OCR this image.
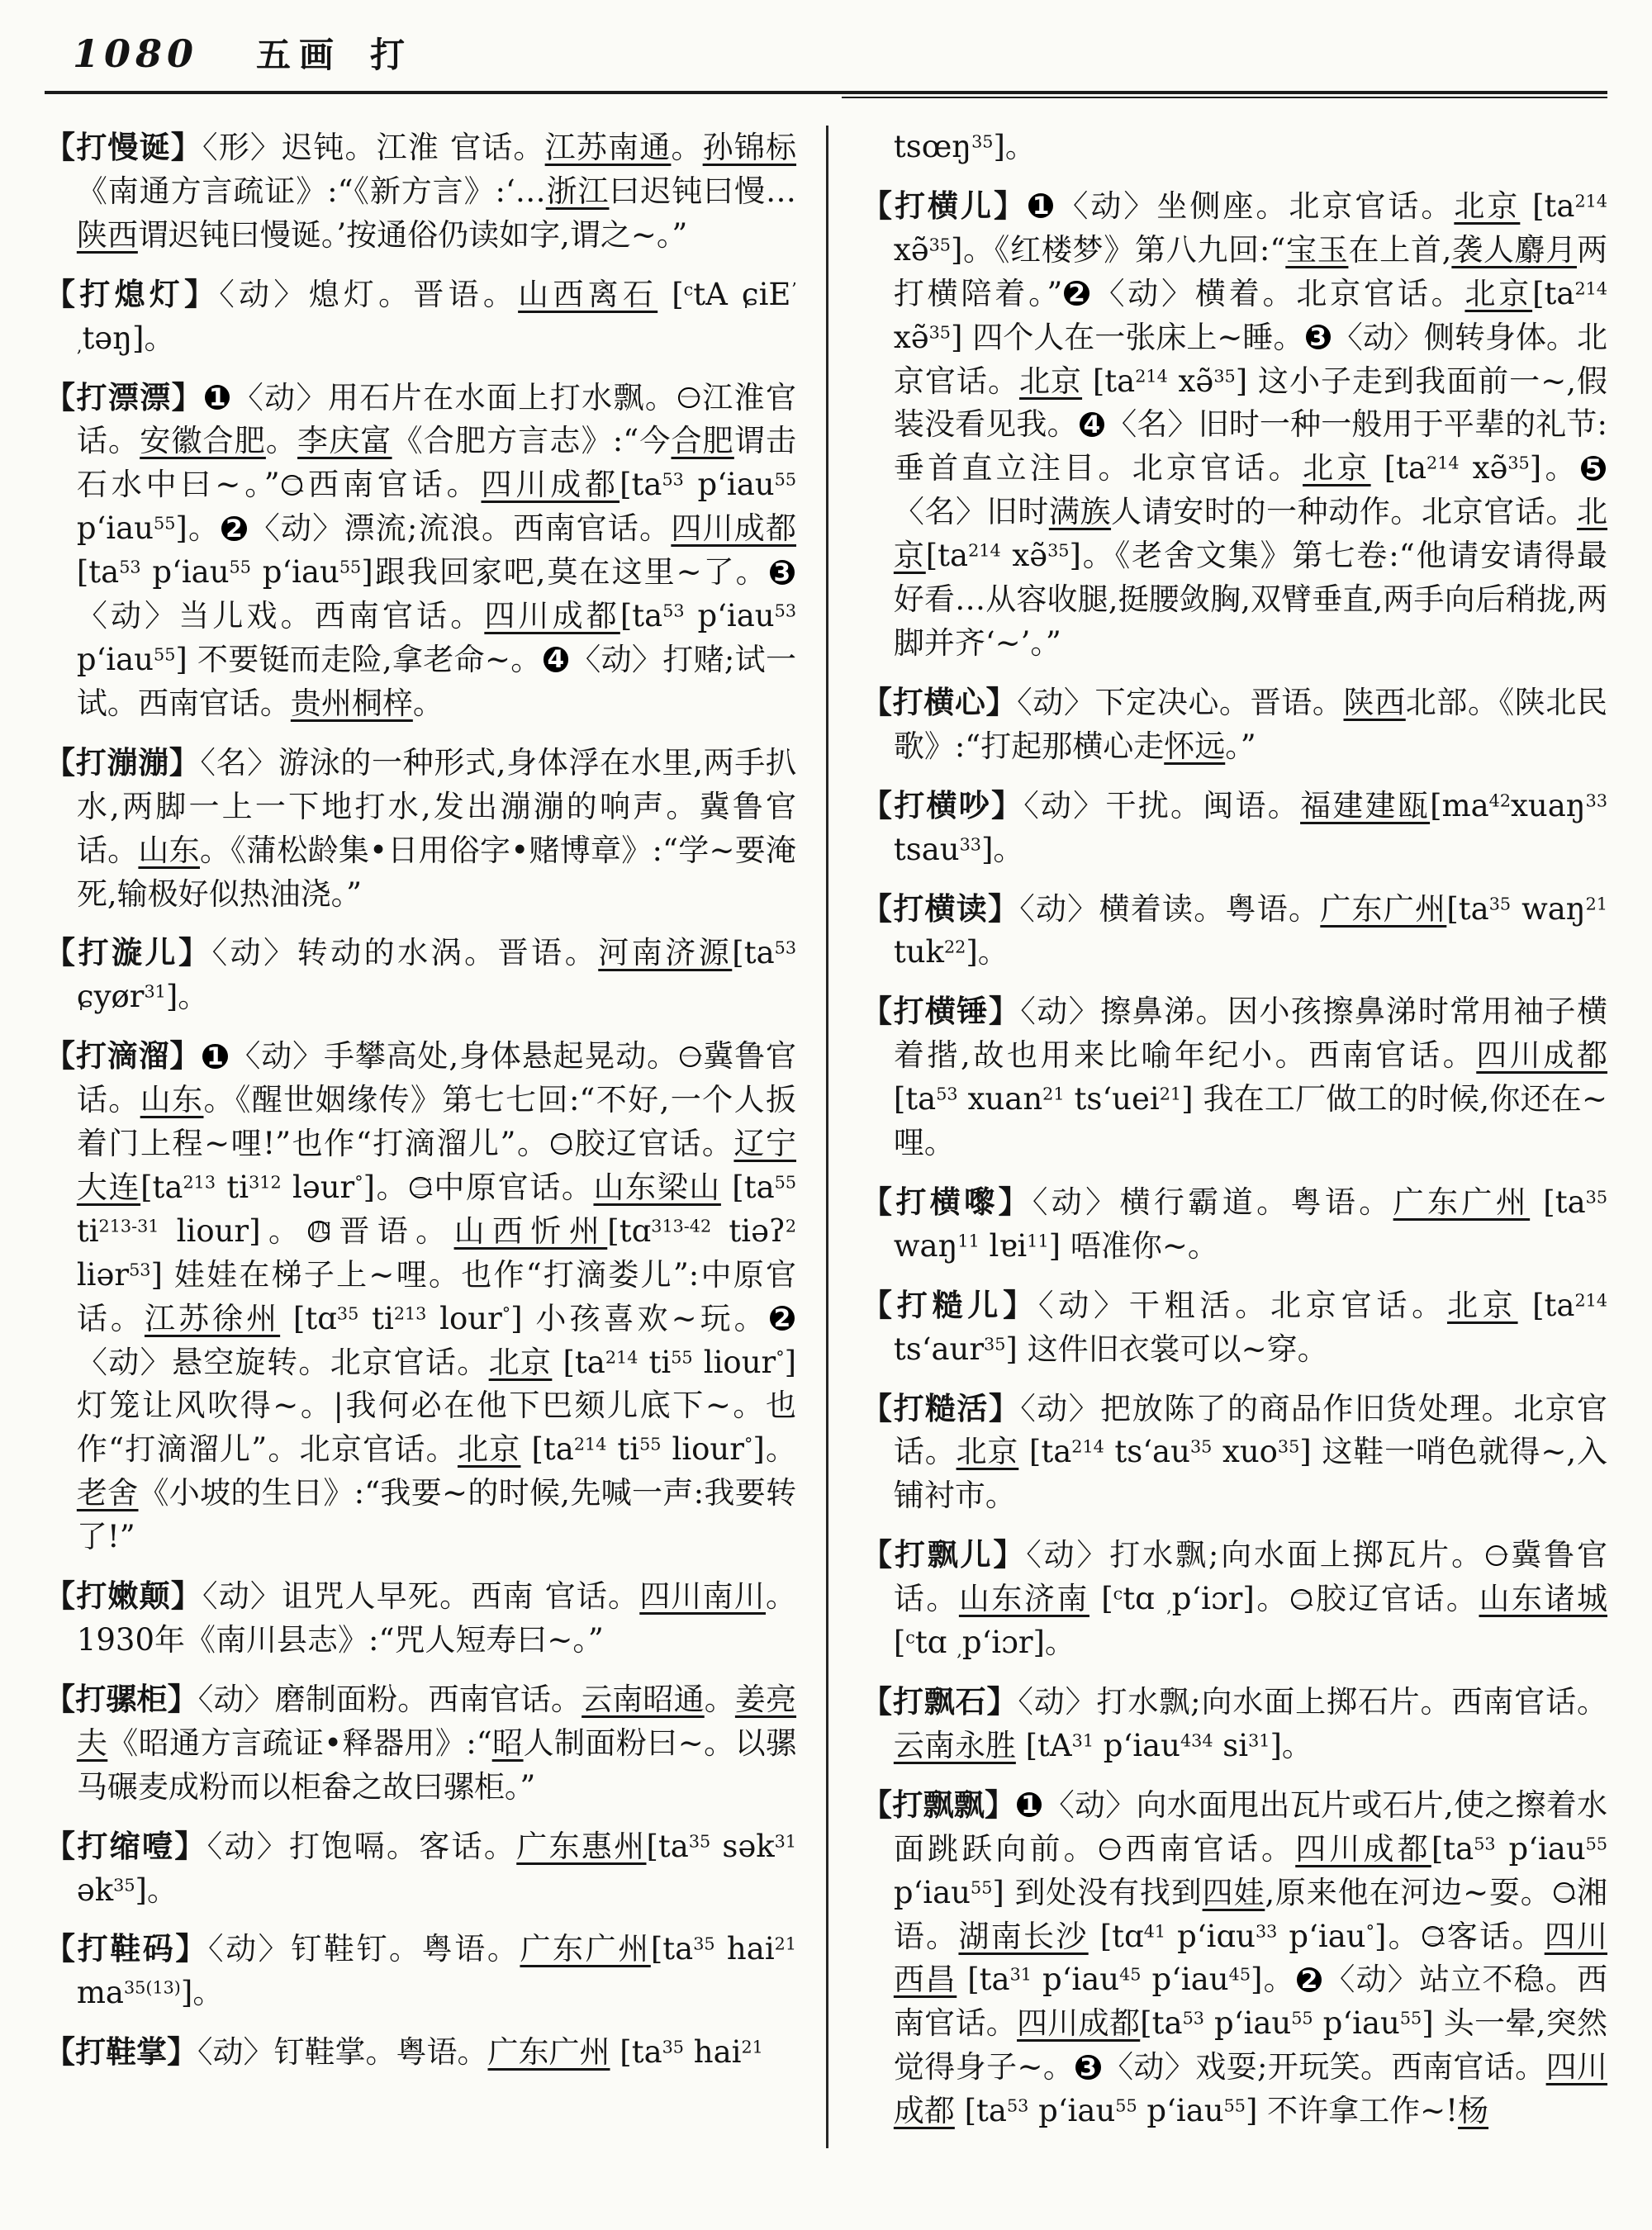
1080 五画 打

【打慢诞】〈形〉迟钝。江淮 官话。江苏南通。孙锦标《南通方言疏证》:“《新方言》:‘…浙江曰迟钝曰慢…陕西谓迟钝曰慢诞。’按通俗仍读如字,谓之~。”

【打熄灯】〈动〉熄灯。晋语。山西离石 [$^c$tA ɕiE$^ʼ$ $_,$təŋ]。

【打漂漂】 1 〈动〉用石片在水面上打水飘。 一江淮官话。安徽合肥。李庆富《合肥方言志》:“今合肥谓击石水中曰~。” 二西南官话。四川成都[$ta^{53}$ pʻiau$^{55}$ pʻiau$^{55}$]。 2 〈动〉漂流;流浪。西南官话。四川成都 [$ta^{53}$ pʻiau$^{55}$ pʻiau$^{55}$]跟我回家吧,莫在这里~了。 3〈动〉当儿戏。西南官话。四川成都[$ta^{53}$ pʻiau$^{53}$ pʻiau$^{55}$] 不要铤而走险,拿老命~。 4 〈动〉打赌;试一试。西南官话。贵州桐梓。

【打漰漰】〈名〉游泳的一种形式,身体浮在水里,两手扒水,两脚一上一下地打水,发出漰漰的响声。冀鲁官话。山东。《蒲松龄集•日用俗字•赌博章》:“学~要淹死,输极好似热油浇。”

【打漩儿】〈动〉转动的水涡。晋语。河南济源[$ta^{53}$ ɕyør$^{31}$]。

【打滴溜】 1 〈动〉手攀高处,身体悬起晃动。 一冀鲁官话。山东。《醒世姻缘传》第七七回:“不好,一个人扳着门上程~哩!”也作“打滴溜儿”。 二胶辽官话。辽宁大连[$ta^{213}$ $ti^{312}$ ləur°]。 三中原官话。山东梁山 [$ta^{55}$ $ti^{213-31}$ liour]。 四晋语。山西忻州[tɑ$^{313-42}$ tiəʔ$^2$ liər$^{53}$] 娃娃在梯子上~哩。也作“打滴娄儿”:中原官话。江苏徐州 [tɑ$^{35}$ $ti^{213}$ lour°] 小孩喜欢~玩。 2〈动〉悬空旋转。北京官话。北京 [$ta^{214}$ $ti^{55}$ liour°] 灯笼让风吹得~。|我何必在他下巴颏儿底下~。也作“打滴溜儿”。北京官话。北京 [$ta^{214}$ $ti^{55}$ liour°]。老舍《小坡的生日》:“我要~的时候,先喊一声:我要转了!”

【打嫩颠】〈动〉诅咒人早死。西南 官话。四川南川。1930年《南川县志》:“咒人短寿曰~。”

【打骡柜】〈动〉磨制面粉。西南官话。云南昭通。姜亮夫《昭通方言疏证•释器用》:“昭人制面粉曰~。以骡马碾麦成粉而以柜畚之故曰骡柜。”

【打缩噎】〈动〉打饱嗝。客话。广东惠州[$ta^{35}$ sək$^{31}$ ək$^{35}$]。

【打鞋码】〈动〉钉鞋钉。粤语。广东广州[$ta^{35}$ hai$^{21}$ $ma^{35(13)}$]。

【打鞋掌】〈动〉钉鞋掌。粤语。广东广州 [$ta^{35}$ hai$^{21}$

tsœŋ$^{35}$]。

【打横儿】 1 〈动〉坐侧座。北京官话。北京 [$ta^{214}$ xə̃$^{35}$]。《红楼梦》第八九回:“宝玉在上首,袭人麝月两打横陪着。” 2 〈动〉横着。北京官话。北京[$ta^{214}$ xə̃$^{35}$] 四个人在一张床上~睡。 3 〈动〉侧转身体。北京官话。北京 [$ta^{214}$ xə̃$^{35}$] 这小子走到我面前一~,假装没看见我。 4 〈名〉旧时一种一般用于平辈的礼节:垂首直立注目。北京官话。北京 [$ta^{214}$ xə̃$^{35}$]。 5〈名〉旧时满族人请安时的一种动作。北京官话。北京[$ta^{214}$ xə̃$^{35}$]。《老舍文集》第七卷:“他请安请得最好看…从容收腿,挺腰敛胸,双臂垂直,两手向后稍拢,两脚并齐‘~’。”

【打横心】〈动〉下定决心。晋语。陕西北部。《陕北民歌》:“打起那横心走怀远。”

【打横吵】〈动〉干扰。闽语。福建建瓯[$ma^{42}xuaŋ^{33}$ tsau$^{33}$]。

【打横读】〈动〉横着读。粤语。广东广州[$ta^{35}$ waŋ$^{21}$ tuk$^{22}$]。

【打横锤】〈动〉擦鼻涕。因小孩擦鼻涕时常用袖子横着揩,故也用来比喻年纪小。西南官话。四川成都 [$ta^{53}$ xuan$^{21}$ tsʻuei$^{21}$] 我在工厂做工的时候,你还在~哩。

【打横嚟】〈动〉横行霸道。粤语。广东广州 [$ta^{35}$ waŋ$^{11}$ lɐi$^{11}$] 唔准你~。

【打糙儿】〈动〉干粗活。北京官话。北京 [$ta^{214}$ tsʻaur$^{35}$] 这件旧衣裳可以~穿。

【打糙活】〈动〉把放陈了的商品作旧货处理。北京官话。北京 [$ta^{214}$ tsʻau$^{35}$ xuo$^{35}$] 这鞋一哨色就得~,入铺衬市。

【打飘儿】〈动〉打水飘;向水面上掷瓦片。 一冀鲁官话。山东济南 [$^c$tɑ $_,$pʻiɔr]。 二胶辽官话。山东诸城 [$^c$tɑ $_,$pʻiɔr]。

【打飘石】〈动〉打水飘;向水面上掷石片。西南官话。云南永胜 [$tA^{31}$ pʻiau$^{434}$ $si^{31}$]。

【打飘飘】 1 〈动〉向水面甩出瓦片或石片,使之擦着水面跳跃向前。 一西南官话。四川成都[$ta^{53}$ pʻiau$^{55}$ pʻiau$^{55}$] 到处没有找到四娃,原来他在河边~耍。 二湘语。湖南长沙 [tɑ$^{41}$ pʻiɑu$^{33}$ pʻiau°]。 三客话。四川西昌 [$ta^{31}$ pʻiau$^{45}$ pʻiau$^{45}$]。 2 〈动〉站立不稳。西南官话。四川成都[$ta^{53}$ pʻiau$^{55}$ pʻiau$^{55}$] 头一晕,突然觉得身子~。 3 〈动〉戏耍;开玩笑。西南官话。四川成都 [$ta^{53}$ pʻiau$^{55}$ pʻiau$^{55}$] 不许拿工作~!杨
